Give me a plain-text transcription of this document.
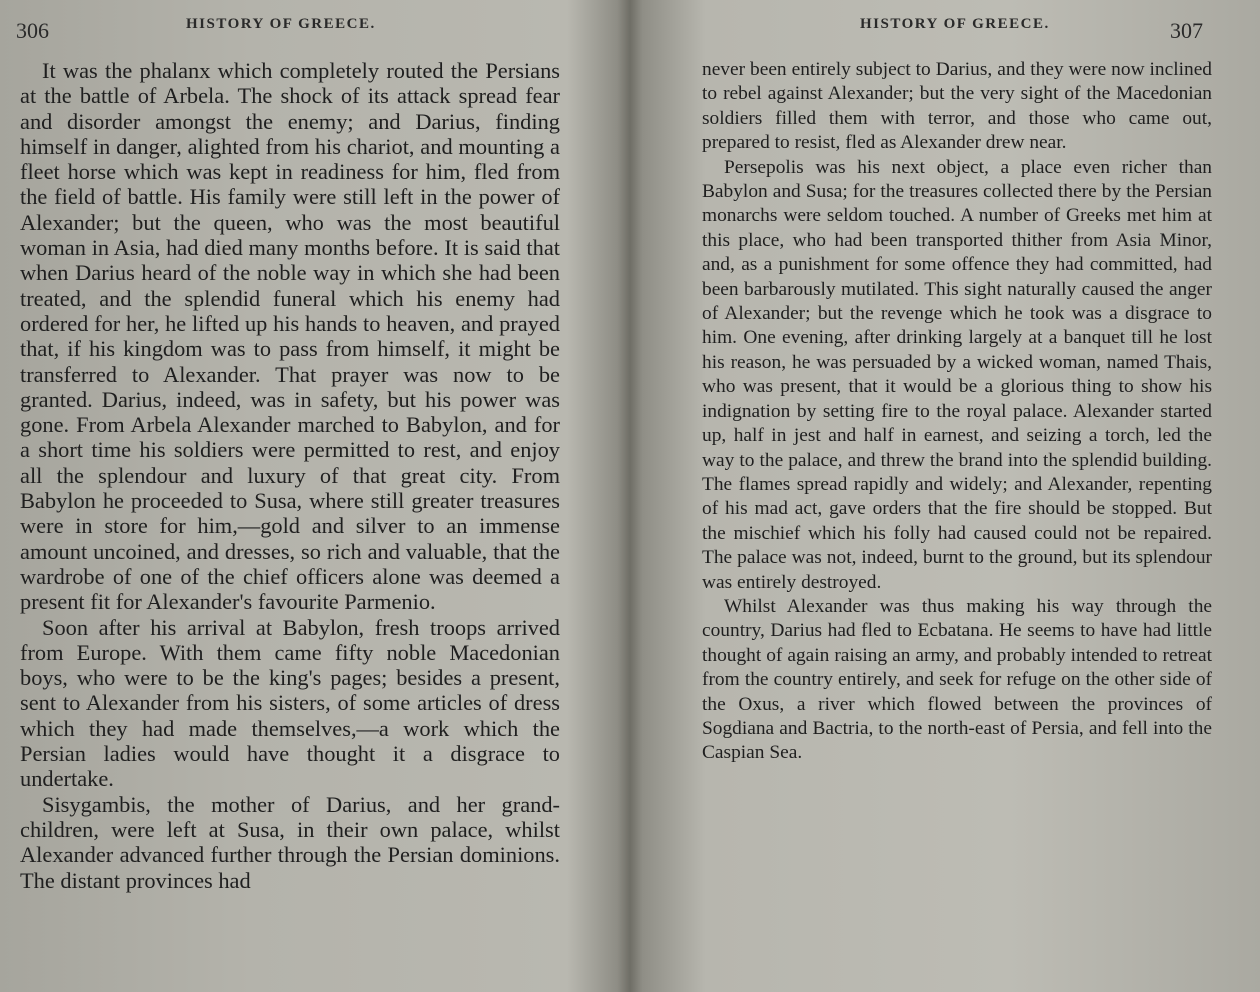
306	HISTORY OF GREECE.

It was the phalanx which completely routed the Persians at the battle of Arbela. The shock of its attack spread fear and disorder amongst the enemy; and Darius, finding himself in danger, alighted from his chariot, and mounting a fleet horse which was kept in readiness for him, fled from the field of battle. His family were still left in the power of Alexander; but the queen, who was the most beautiful woman in Asia, had died many months before. It is said that when Darius heard of the noble way in which she had been treated, and the splendid funeral which his enemy had ordered for her, he lifted up his hands to heaven, and prayed that, if his kingdom was to pass from himself, it might be transferred to Alexander. That prayer was now to be granted. Darius, indeed, was in safety, but his power was gone. From Arbela Alexander marched to Babylon, and for a short time his soldiers were permitted to rest, and enjoy all the splendour and luxury of that great city. From Babylon he proceeded to Susa, where still greater treasures were in store for him,—gold and silver to an immense amount uncoined, and dresses, so rich and valuable, that the wardrobe of one of the chief officers alone was deemed a present fit for Alexander's favourite Parmenio.

Soon after his arrival at Babylon, fresh troops arrived from Europe. With them came fifty noble Macedonian boys, who were to be the king's pages; besides a present, sent to Alexander from his sisters, of some articles of dress which they had made themselves,—a work which the Persian ladies would have thought it a disgrace to undertake.

Sisygambis, the mother of Darius, and her grand-children, were left at Susa, in their own palace, whilst Alexander advanced further through the Persian dominions. The distant provinces had

HISTORY OF GREECE.	307

never been entirely subject to Darius, and they were now inclined to rebel against Alexander; but the very sight of the Macedonian soldiers filled them with terror, and those who came out, prepared to resist, fled as Alexander drew near.

Persepolis was his next object, a place even richer than Babylon and Susa; for the treasures collected there by the Persian monarchs were seldom touched. A number of Greeks met him at this place, who had been transported thither from Asia Minor, and, as a punishment for some offence they had committed, had been barbarously mutilated. This sight naturally caused the anger of Alexander; but the revenge which he took was a disgrace to him. One evening, after drinking largely at a banquet till he lost his reason, he was persuaded by a wicked woman, named Thais, who was present, that it would be a glorious thing to show his indignation by setting fire to the royal palace. Alexander started up, half in jest and half in earnest, and seizing a torch, led the way to the palace, and threw the brand into the splendid building. The flames spread rapidly and widely; and Alexander, repenting of his mad act, gave orders that the fire should be stopped. But the mischief which his folly had caused could not be repaired. The palace was not, indeed, burnt to the ground, but its splendour was entirely destroyed.

Whilst Alexander was thus making his way through the country, Darius had fled to Ecbatana. He seems to have had little thought of again raising an army, and probably intended to retreat from the country entirely, and seek for refuge on the other side of the Oxus, a river which flowed between the provinces of Sogdiana and Bactria, to the north-east of Persia, and fell into the Caspian Sea.
